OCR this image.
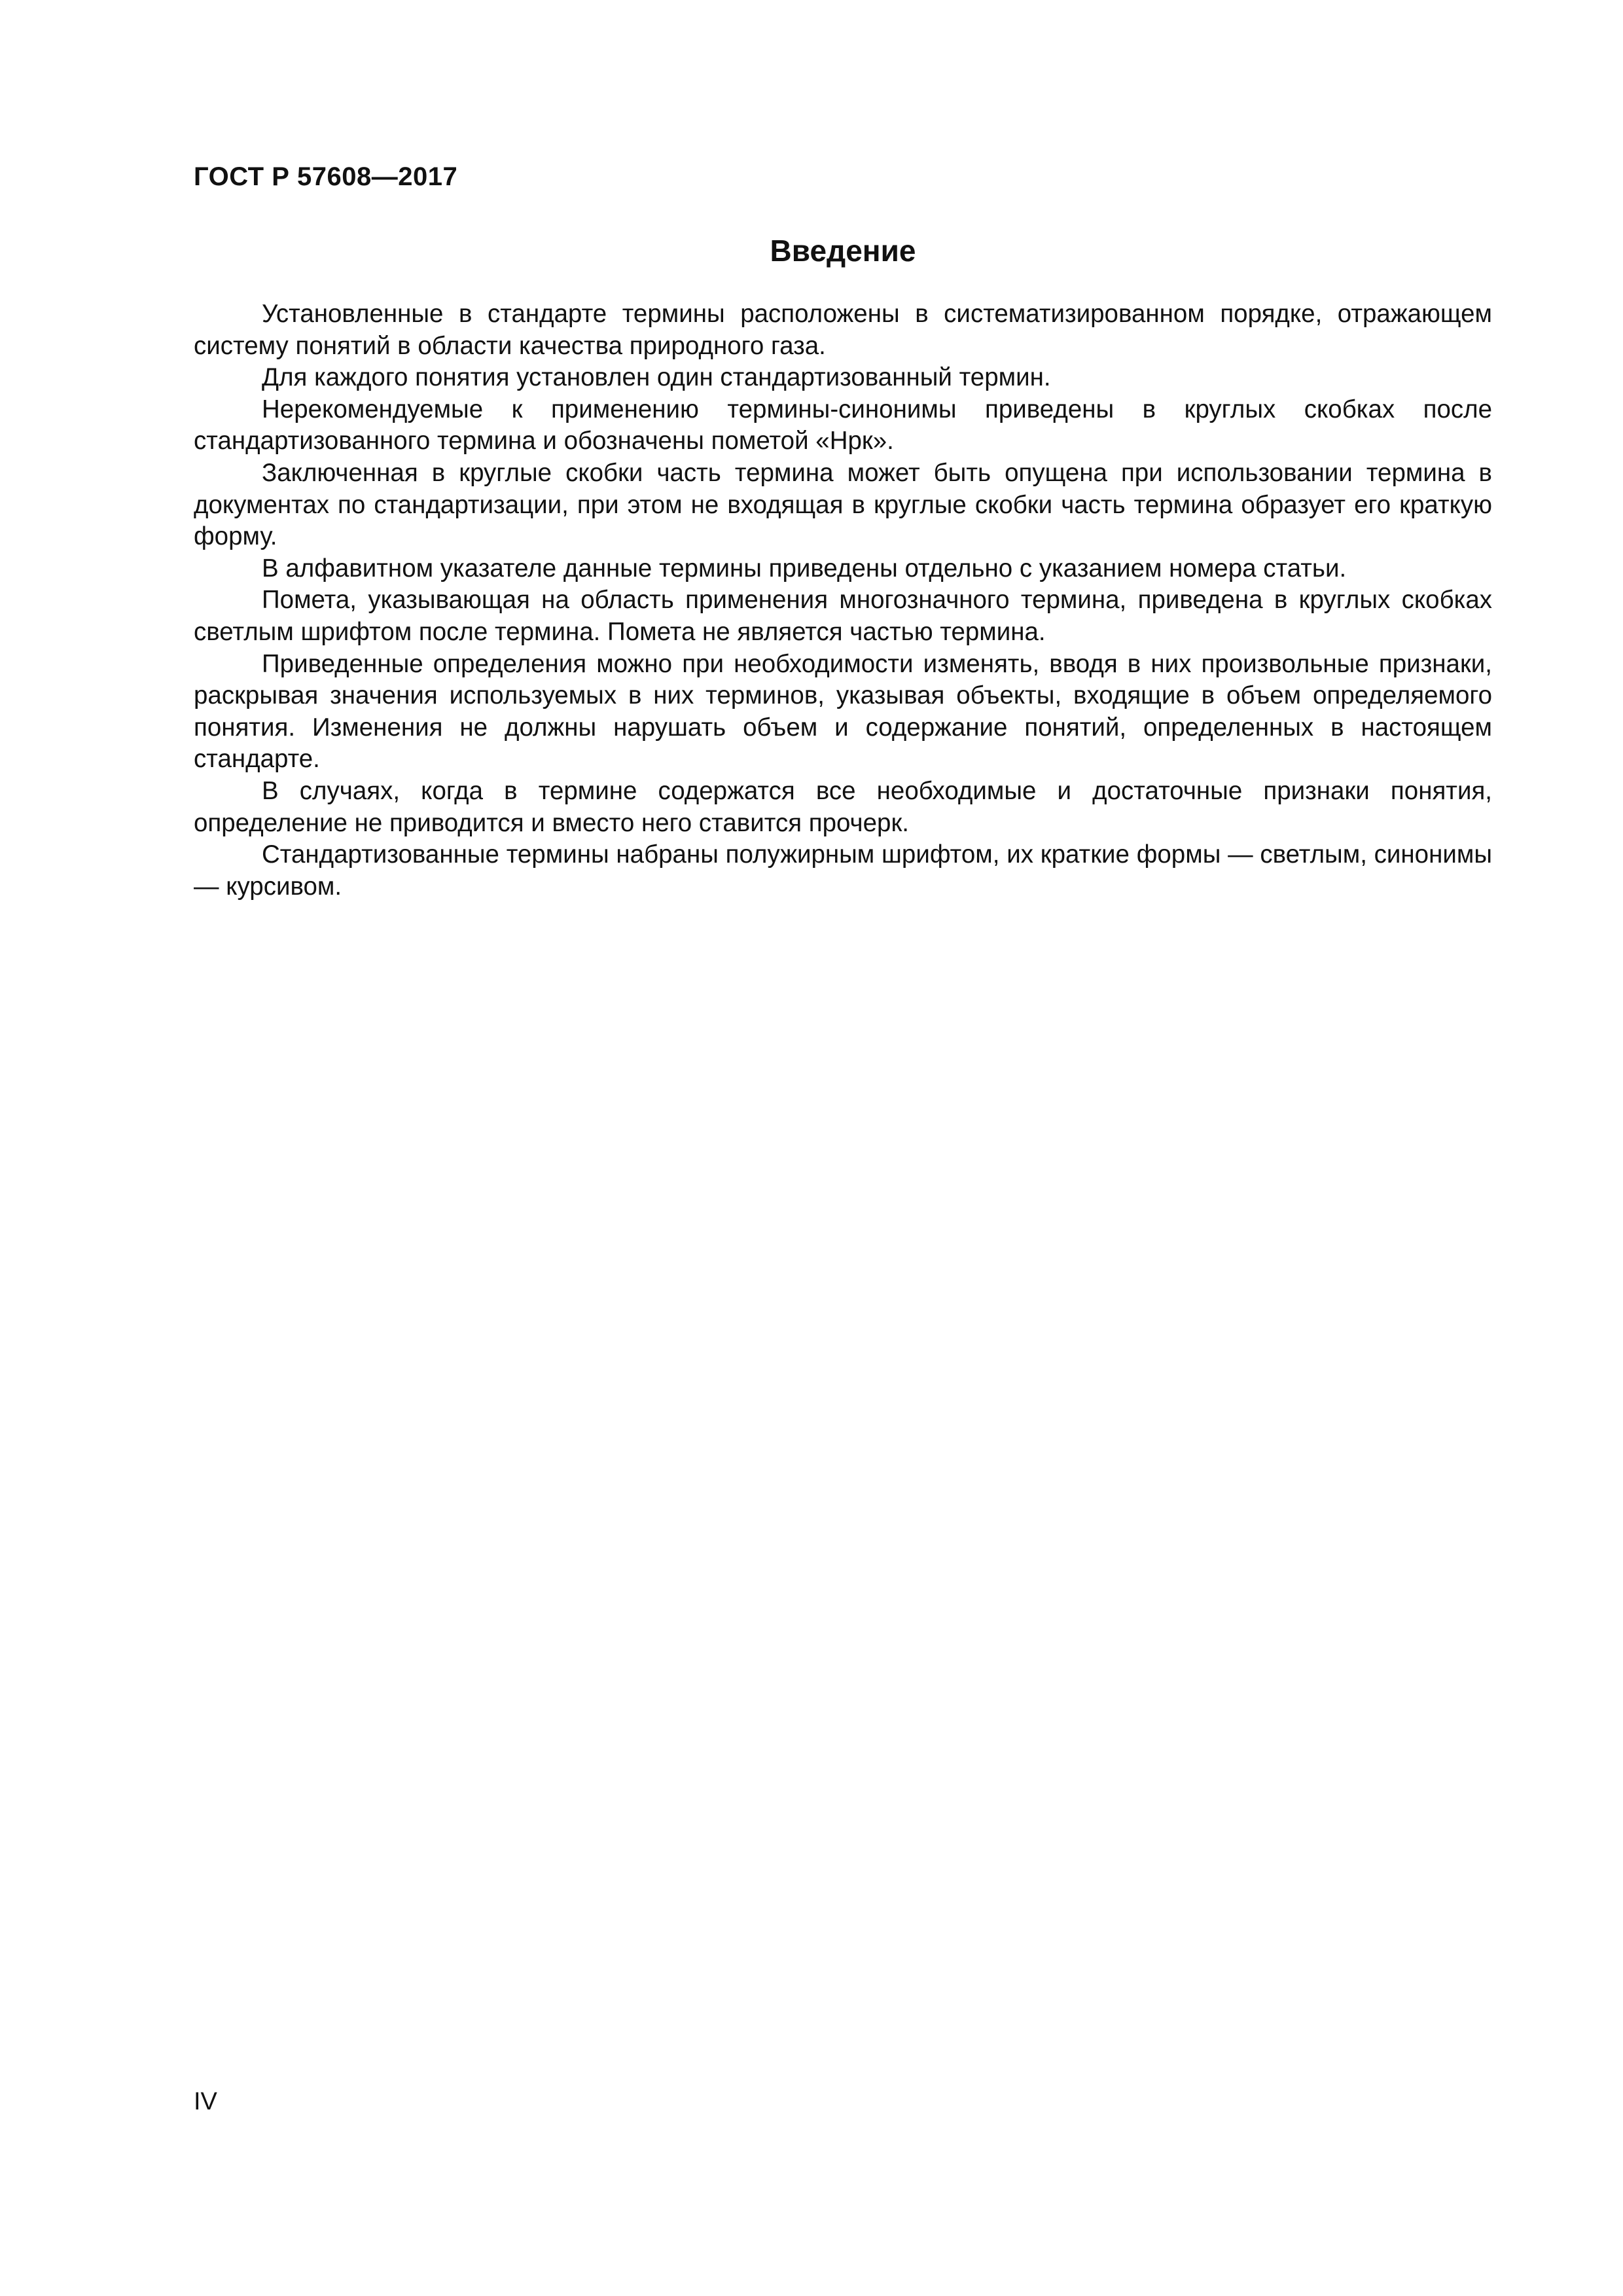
ГОСТ Р 57608—2017
Введение

Установленные в стандарте термины расположены в систематизированном порядке, отражающем систему понятий в области качества природного газа.

Для каждого понятия установлен один стандартизованный термин.

Нерекомендуемые к применению термины-синонимы приведены в круглых скобках после стандартизованного термина и обозначены пометой «Нрк».

Заключенная в круглые скобки часть термина может быть опущена при использовании термина в документах по стандартизации, при этом не входящая в круглые скобки часть термина образует его краткую форму.

В алфавитном указателе данные термины приведены отдельно с указанием номера статьи.

Помета, указывающая на область применения многозначного термина, приведена в круглых скобках светлым шрифтом после термина. Помета не является частью термина.

Приведенные определения можно при необходимости изменять, вводя в них произвольные признаки, раскрывая значения используемых в них терминов, указывая объекты, входящие в объем определяемого понятия. Изменения не должны нарушать объем и содержание понятий, определенных в настоящем стандарте.

В случаях, когда в термине содержатся все необходимые и достаточные признаки понятия, определение не приводится и вместо него ставится прочерк.

Стандартизованные термины набраны полужирным шрифтом, их краткие формы — светлым, синонимы — курсивом.

IV
